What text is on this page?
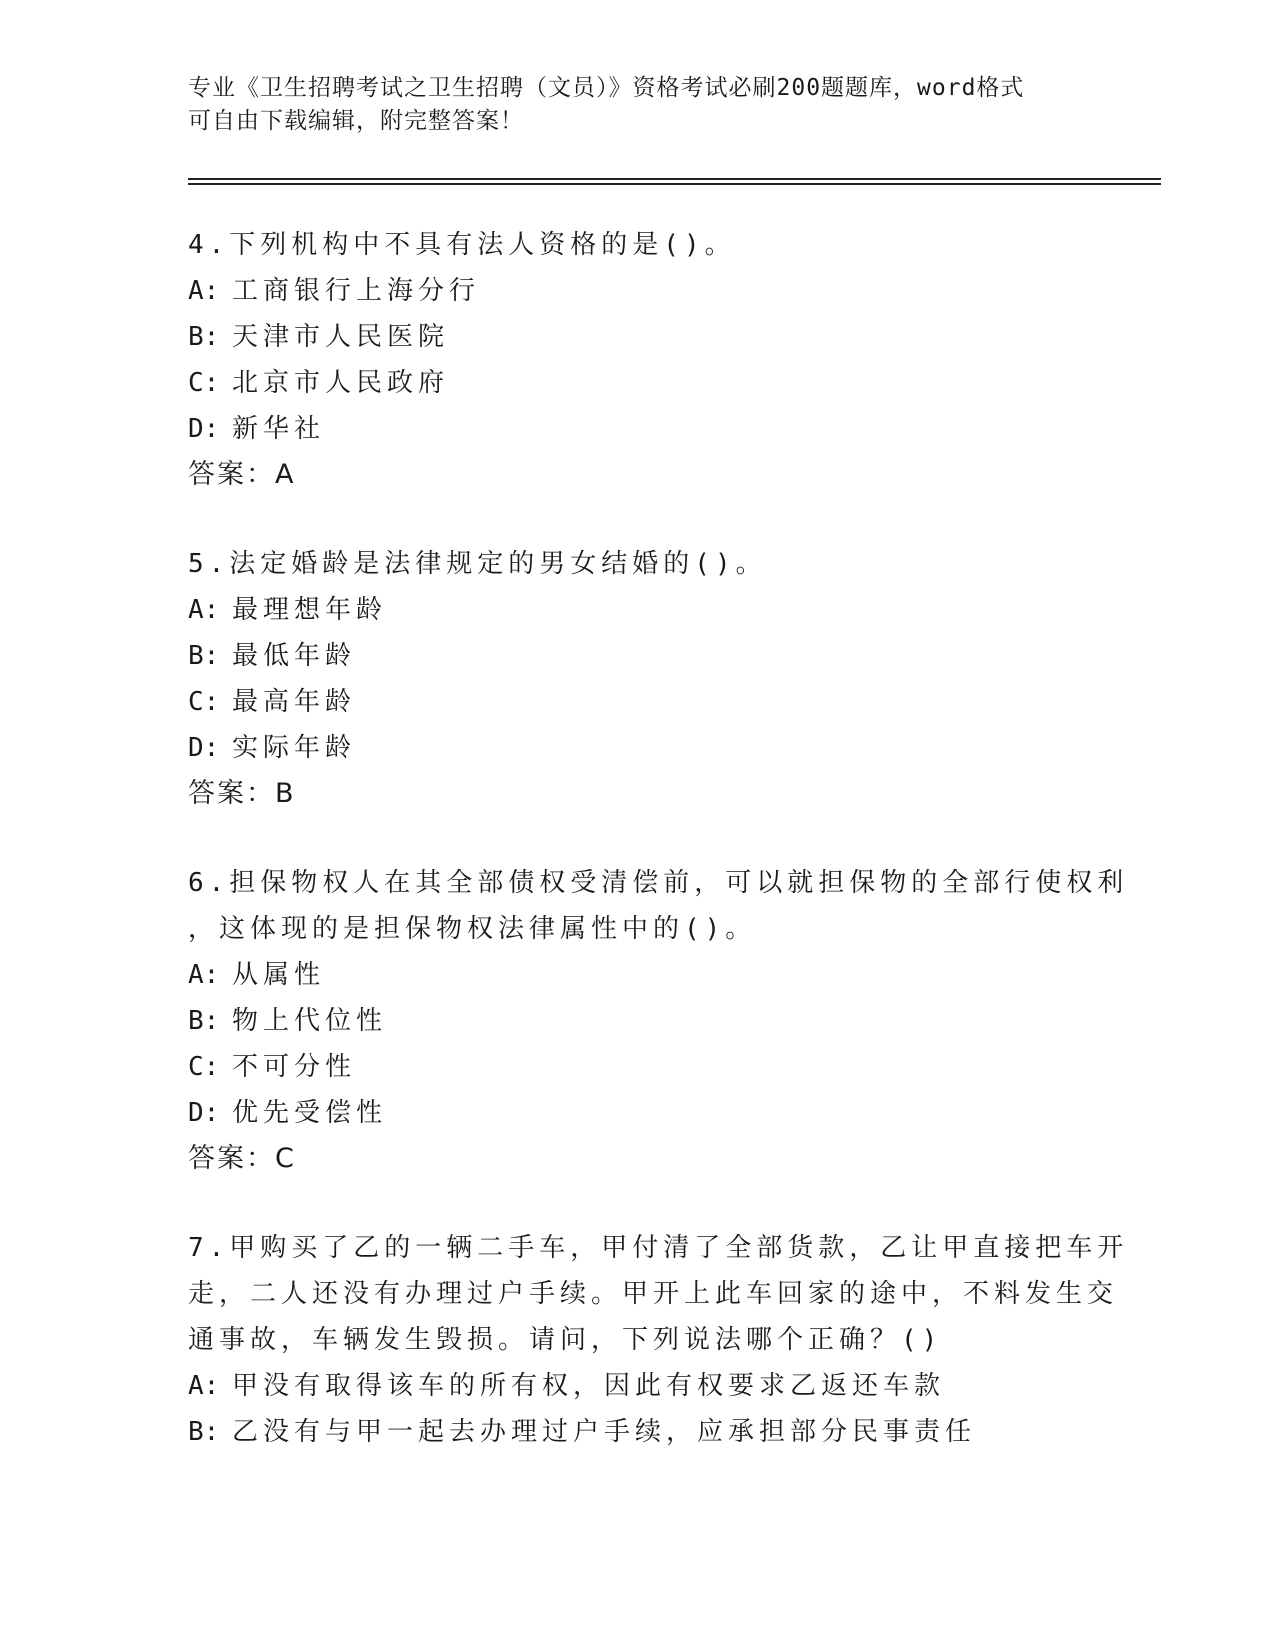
专业《卫生招聘考试之卫生招聘（文员）》资格考试必刷200题题库，word格式
可自由下载编辑，附完整答案！
4.下列机构中不具有法人资格的是()。
A: 工商银行上海分行
B: 天津市人民医院
C: 北京市人民政府
D: 新华社
答案：A
5.法定婚龄是法律规定的男女结婚的()。
A: 最理想年龄
B: 最低年龄
C: 最高年龄
D: 实际年龄
答案：B
6.担保物权人在其全部债权受清偿前，可以就担保物的全部行使权利
，这体现的是担保物权法律属性中的()。
A: 从属性
B: 物上代位性
C: 不可分性
D: 优先受偿性
答案：C
7.甲购买了乙的一辆二手车，甲付清了全部货款，乙让甲直接把车开
走，二人还没有办理过户手续。甲开上此车回家的途中，不料发生交
通事故，车辆发生毁损。请问，下列说法哪个正确？()
A: 甲没有取得该车的所有权，因此有权要求乙返还车款
B: 乙没有与甲一起去办理过户手续，应承担部分民事责任
